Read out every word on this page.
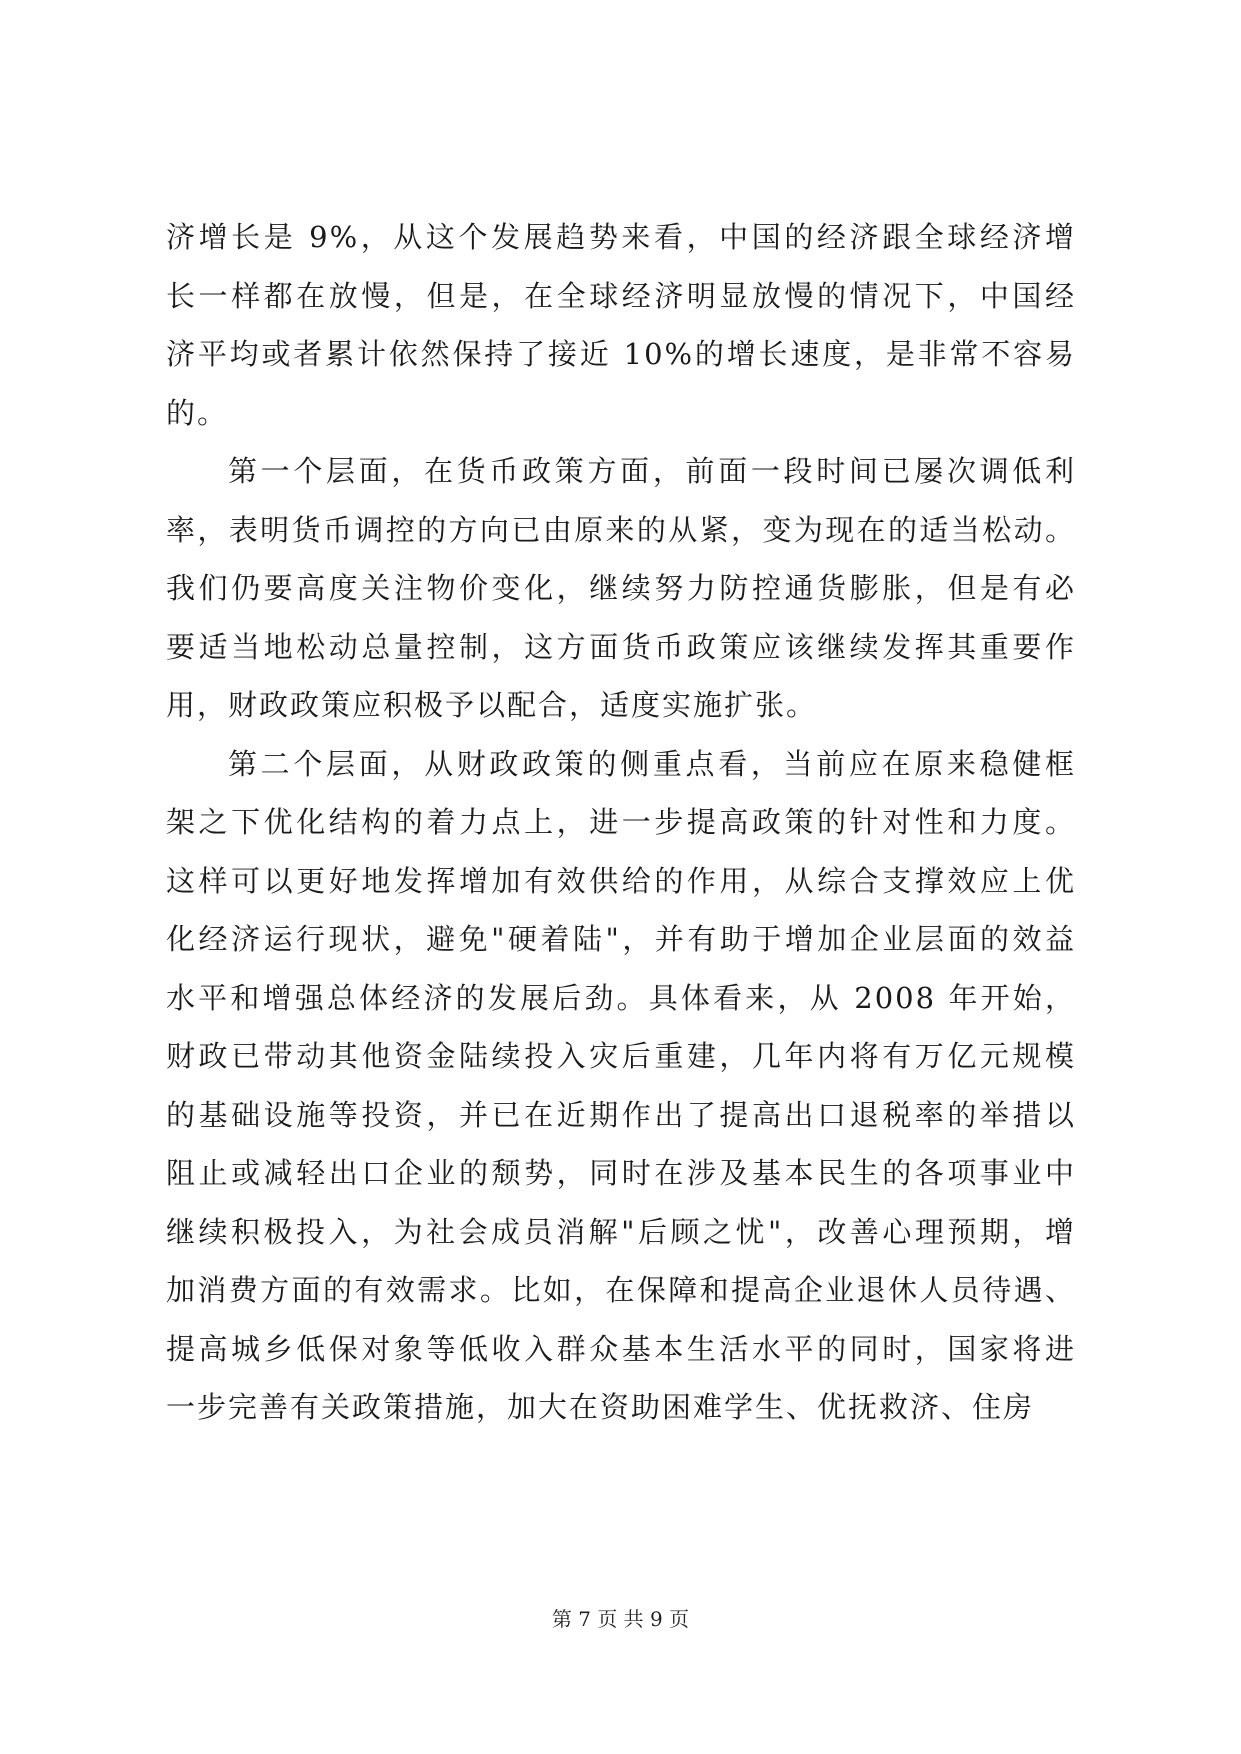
济增长是 9%，从这个发展趋势来看，中国的经济跟全球经济增
长一样都在放慢，但是，在全球经济明显放慢的情况下，中国经
济平均或者累计依然保持了接近 10%的增长速度，是非常不容易
的。
第一个层面，在货币政策方面，前面一段时间已屡次调低利
率，表明货币调控的方向已由原来的从紧，变为现在的适当松动。
我们仍要高度关注物价变化，继续努力防控通货膨胀，但是有必
要适当地松动总量控制，这方面货币政策应该继续发挥其重要作
用，财政政策应积极予以配合，适度实施扩张。
第二个层面，从财政政策的侧重点看，当前应在原来稳健框
架之下优化结构的着力点上，进一步提高政策的针对性和力度。
这样可以更好地发挥增加有效供给的作用，从综合支撑效应上优
化经济运行现状，避免"硬着陆"，并有助于增加企业层面的效益
水平和增强总体经济的发展后劲。具体看来，从 2008 年开始，
财政已带动其他资金陆续投入灾后重建，几年内将有万亿元规模
的基础设施等投资，并已在近期作出了提高出口退税率的举措以
阻止或减轻出口企业的颓势，同时在涉及基本民生的各项事业中
继续积极投入，为社会成员消解"后顾之忧"，改善心理预期，增
加消费方面的有效需求。比如，在保障和提高企业退休人员待遇、
提高城乡低保对象等低收入群众基本生活水平的同时，国家将进
一步完善有关政策措施，加大在资助困难学生、优抚救济、住房
第 7 页 共 9 页
